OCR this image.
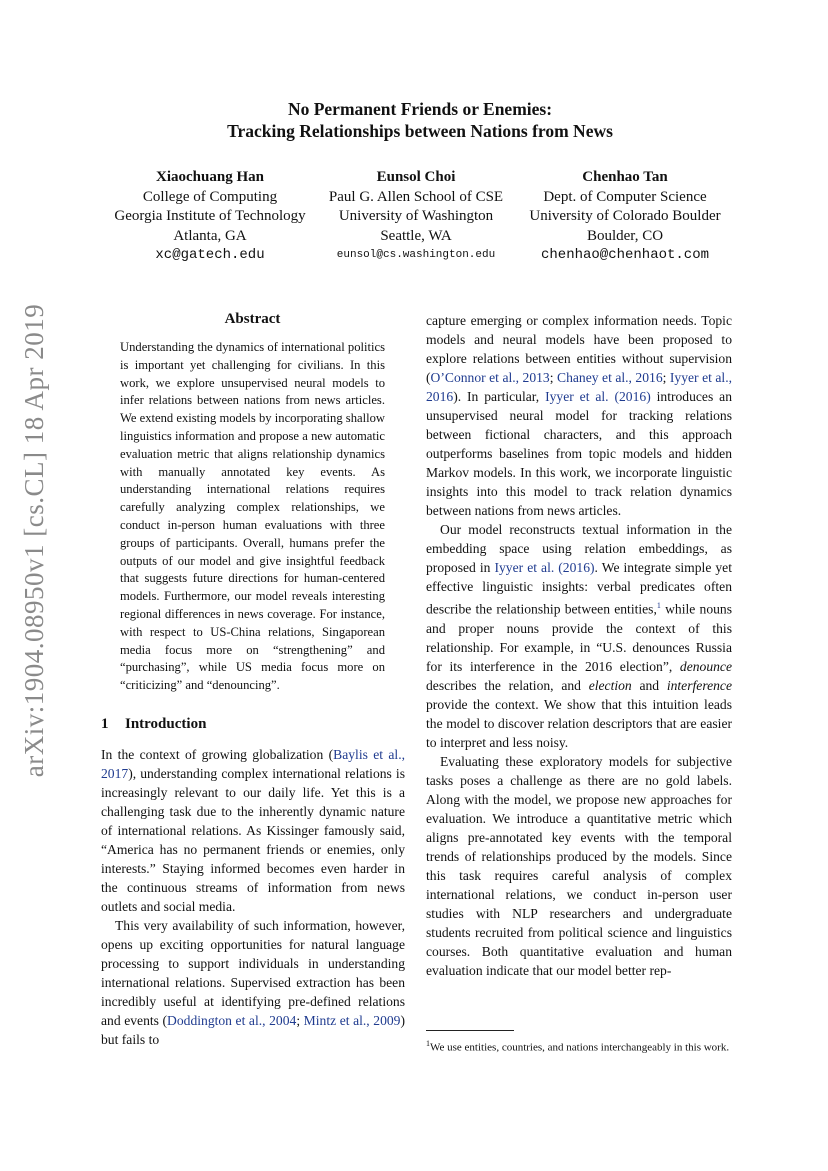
arXiv:1904.08950v1 [cs.CL] 18 Apr 2019
No Permanent Friends or Enemies:
Tracking Relationships between Nations from News
Xiaochuang Han
College of Computing
Georgia Institute of Technology
Atlanta, GA
xc@gatech.edu
Eunsol Choi
Paul G. Allen School of CSE
University of Washington
Seattle, WA
eunsol@cs.washington.edu
Chenhao Tan
Dept. of Computer Science
University of Colorado Boulder
Boulder, CO
chenhao@chenhaot.com
Abstract
Understanding the dynamics of international politics is important yet challenging for civilians. In this work, we explore unsupervised neural models to infer relations between nations from news articles. We extend existing models by incorporating shallow linguistics information and propose a new automatic evaluation metric that aligns relationship dynamics with manually annotated key events. As understanding international relations requires carefully analyzing complex relationships, we conduct in-person human evaluations with three groups of participants. Overall, humans prefer the outputs of our model and give insightful feedback that suggests future directions for human-centered models. Furthermore, our model reveals interesting regional differences in news coverage. For instance, with respect to US-China relations, Singaporean media focus more on “strengthening” and “purchasing”, while US media focus more on “criticizing” and “denouncing”.
1 Introduction

In the context of growing globalization (Baylis et al., 2017), understanding complex international relations is increasingly relevant to our daily life. Yet this is a challenging task due to the inherently dynamic nature of international relations. As Kissinger famously said, “America has no permanent friends or enemies, only interests.” Staying informed becomes even harder in the continuous streams of information from news outlets and social media.

This very availability of such information, however, opens up exciting opportunities for natural language processing to support individuals in understanding international relations. Supervised extraction has been incredibly useful at identifying pre-defined relations and events (Doddington et al., 2004; Mintz et al., 2009) but fails to

capture emerging or complex information needs. Topic models and neural models have been proposed to explore relations between entities without supervision (O’Connor et al., 2013; Chaney et al., 2016; Iyyer et al., 2016). In particular, Iyyer et al. (2016) introduces an unsupervised neural model for tracking relations between fictional characters, and this approach outperforms baselines from topic models and hidden Markov models. In this work, we incorporate linguistic insights into this model to track relation dynamics between nations from news articles.

Our model reconstructs textual information in the embedding space using relation embeddings, as proposed in Iyyer et al. (2016). We integrate simple yet effective linguistic insights: verbal predicates often describe the relationship between entities,$^1$ while nouns and proper nouns provide the context of this relationship. For example, in “U.S. denounces Russia for its interference in the 2016 election”, denounce describes the relation, and election and interference provide the context. We show that this intuition leads the model to discover relation descriptors that are easier to interpret and less noisy.

Evaluating these exploratory models for subjective tasks poses a challenge as there are no gold labels. Along with the model, we propose new approaches for evaluation. We introduce a quantitative metric which aligns pre-annotated key events with the temporal trends of relationships produced by the models. Since this task requires careful analysis of complex international relations, we conduct in-person user studies with NLP researchers and undergraduate students recruited from political science and linguistics courses. Both quantitative evaluation and human evaluation indicate that our model better rep-

$^1$We use entities, countries, and nations interchangeably in this work.
